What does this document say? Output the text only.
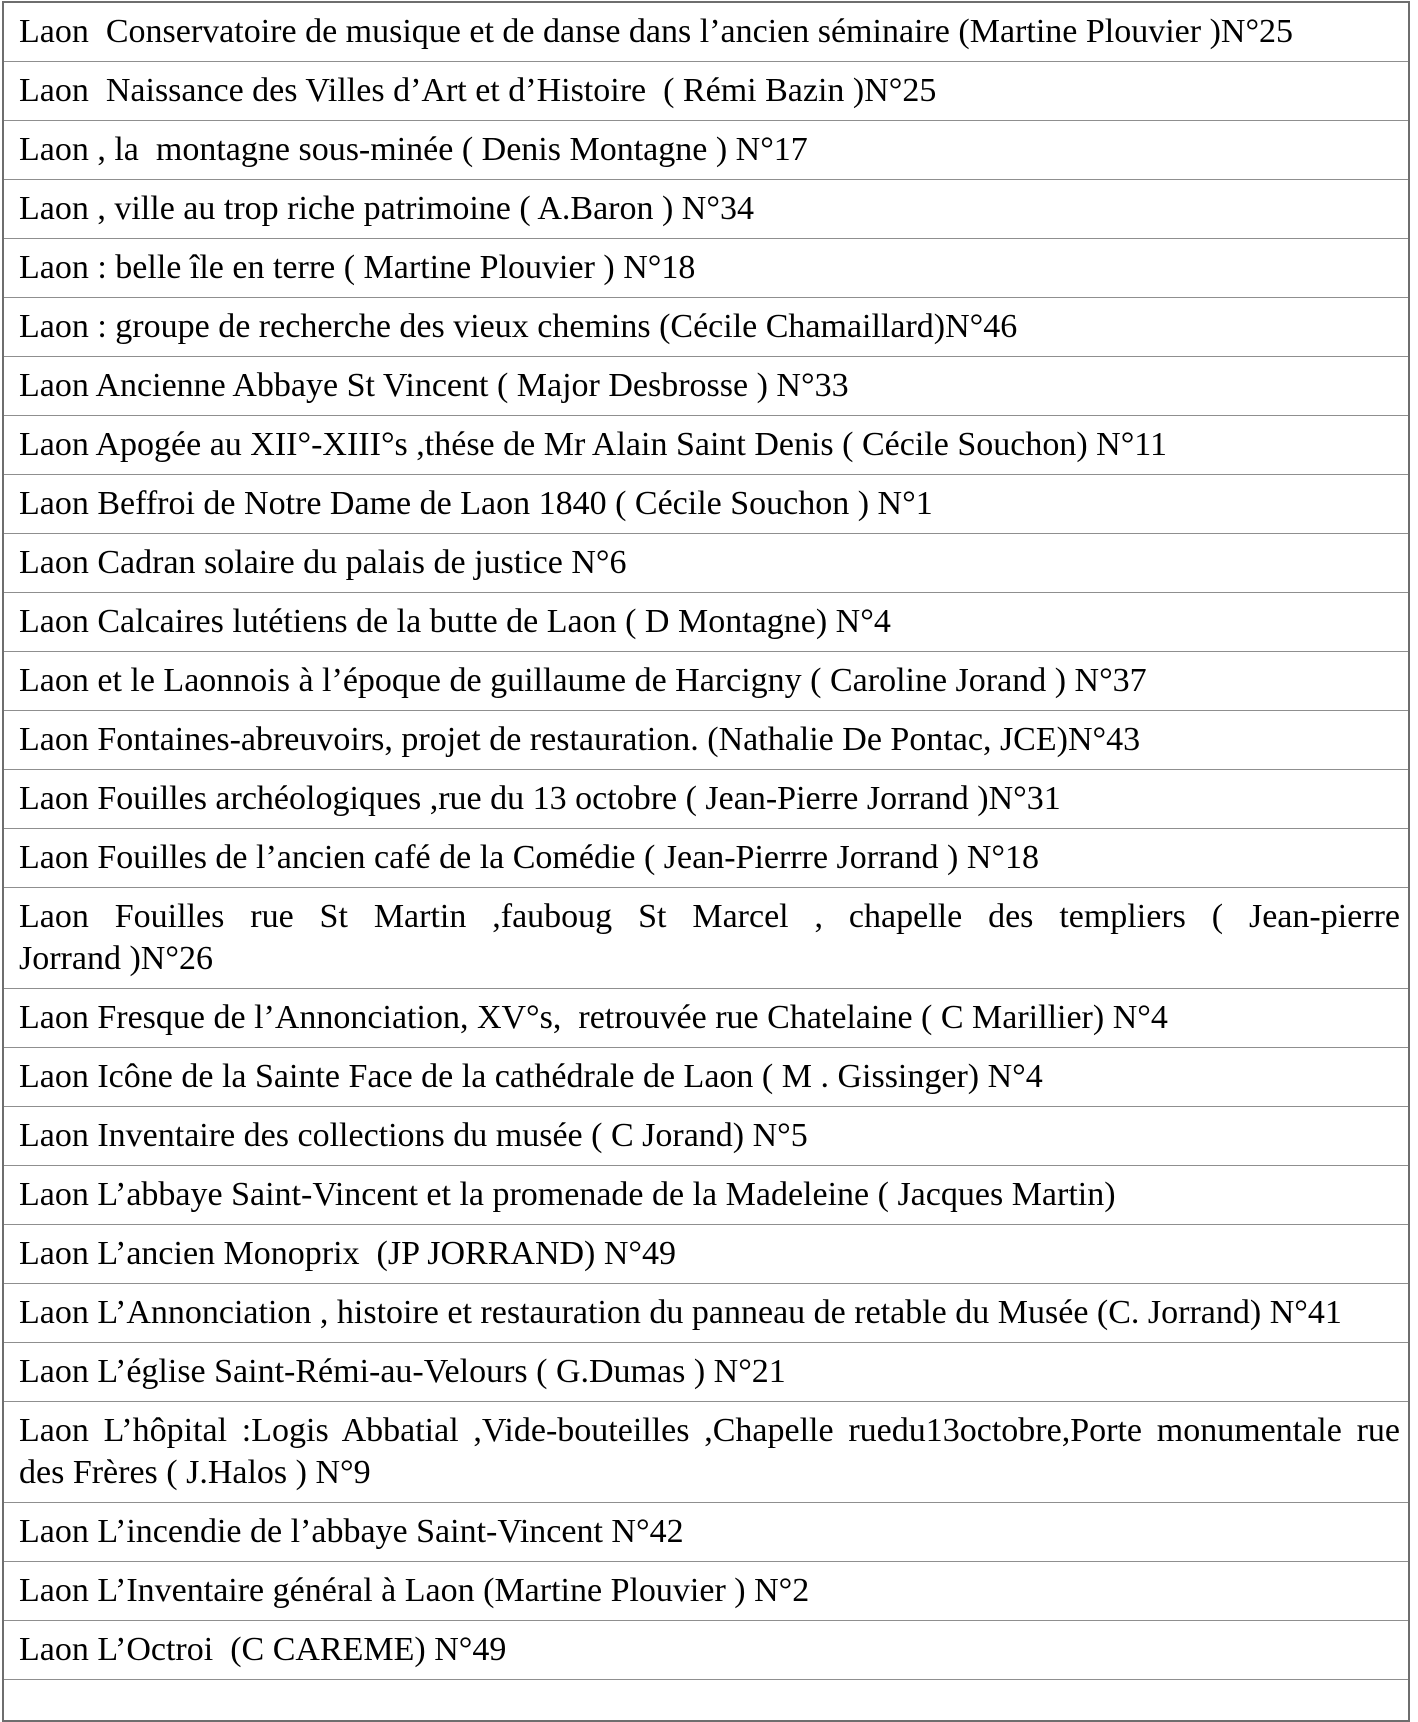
Laon  Conservatoire de musique et de danse dans l’ancien séminaire (Martine Plouvier )N°25
Laon  Naissance des Villes d’Art et d’Histoire  ( Rémi Bazin )N°25
Laon , la  montagne sous-minée ( Denis Montagne ) N°17
Laon , ville au trop riche patrimoine ( A.Baron ) N°34
Laon : belle île en terre ( Martine Plouvier ) N°18
Laon : groupe de recherche des vieux chemins (Cécile Chamaillard)N°46
Laon Ancienne Abbaye St Vincent ( Major Desbrosse ) N°33
Laon Apogée au XII°-XIII°s ,thése de Mr Alain Saint Denis ( Cécile Souchon) N°11
Laon Beffroi de Notre Dame de Laon 1840 ( Cécile Souchon ) N°1
Laon Cadran solaire du palais de justice N°6
Laon Calcaires lutétiens de la butte de Laon ( D Montagne) N°4
Laon et le Laonnois à l’époque de guillaume de Harcigny ( Caroline Jorand ) N°37
Laon Fontaines-abreuvoirs, projet de restauration. (Nathalie De Pontac, JCE)N°43
Laon Fouilles archéologiques ,rue du 13 octobre ( Jean-Pierre Jorrand )N°31
Laon Fouilles de l’ancien café de la Comédie ( Jean-Pierrre Jorrand ) N°18
Laon Fouilles rue St Martin ,fauboug St Marcel , chapelle des templiers ( Jean-pierre
Jorrand )N°26
Laon Fresque de l’Annonciation, XV°s,  retrouvée rue Chatelaine ( C Marillier) N°4
Laon Icône de la Sainte Face de la cathédrale de Laon ( M . Gissinger) N°4
Laon Inventaire des collections du musée ( C Jorand) N°5
Laon L’abbaye Saint-Vincent et la promenade de la Madeleine ( Jacques Martin)
Laon L’ancien Monoprix  (JP JORRAND) N°49
Laon L’Annonciation , histoire et restauration du panneau de retable du Musée (C. Jorrand) N°41
Laon L’église Saint-Rémi-au-Velours ( G.Dumas ) N°21
Laon L’hôpital :Logis Abbatial ,Vide-bouteilles ,Chapelle ruedu13octobre,Porte monumentale rue
des Frères ( J.Halos ) N°9
Laon L’incendie de l’abbaye Saint-Vincent N°42
Laon L’Inventaire général à Laon (Martine Plouvier ) N°2
Laon L’Octroi  (C CAREME) N°49
